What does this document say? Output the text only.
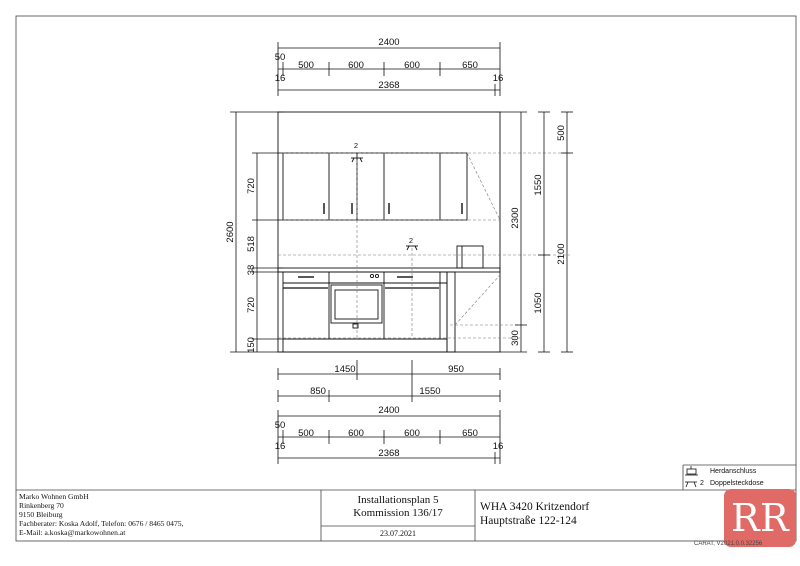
2400
50
500	600	600	650
16	16
2368
2
2
2600
720
518
38
720
150
2300
300
1550
1050
500
2100
1450	950
850	1550
2400
50
500	600	600	650
16	16
2368
Herdanschluss
2 Doppelsteckdose
Marko Wohnen GmbH
Rinkenberg 70
9150 Bleiburg
Fachberater: Koska Adolf, Telefon: 0676 / 8465 0475,
E-Mail: a.koska@markowohnen.at
Installationsplan 5
Kommission 136/17
23.07.2021
WHA 3420 Kritzendorf
Hauptstraße 122-124	R R
CARAT, V2021.0.0.32256
